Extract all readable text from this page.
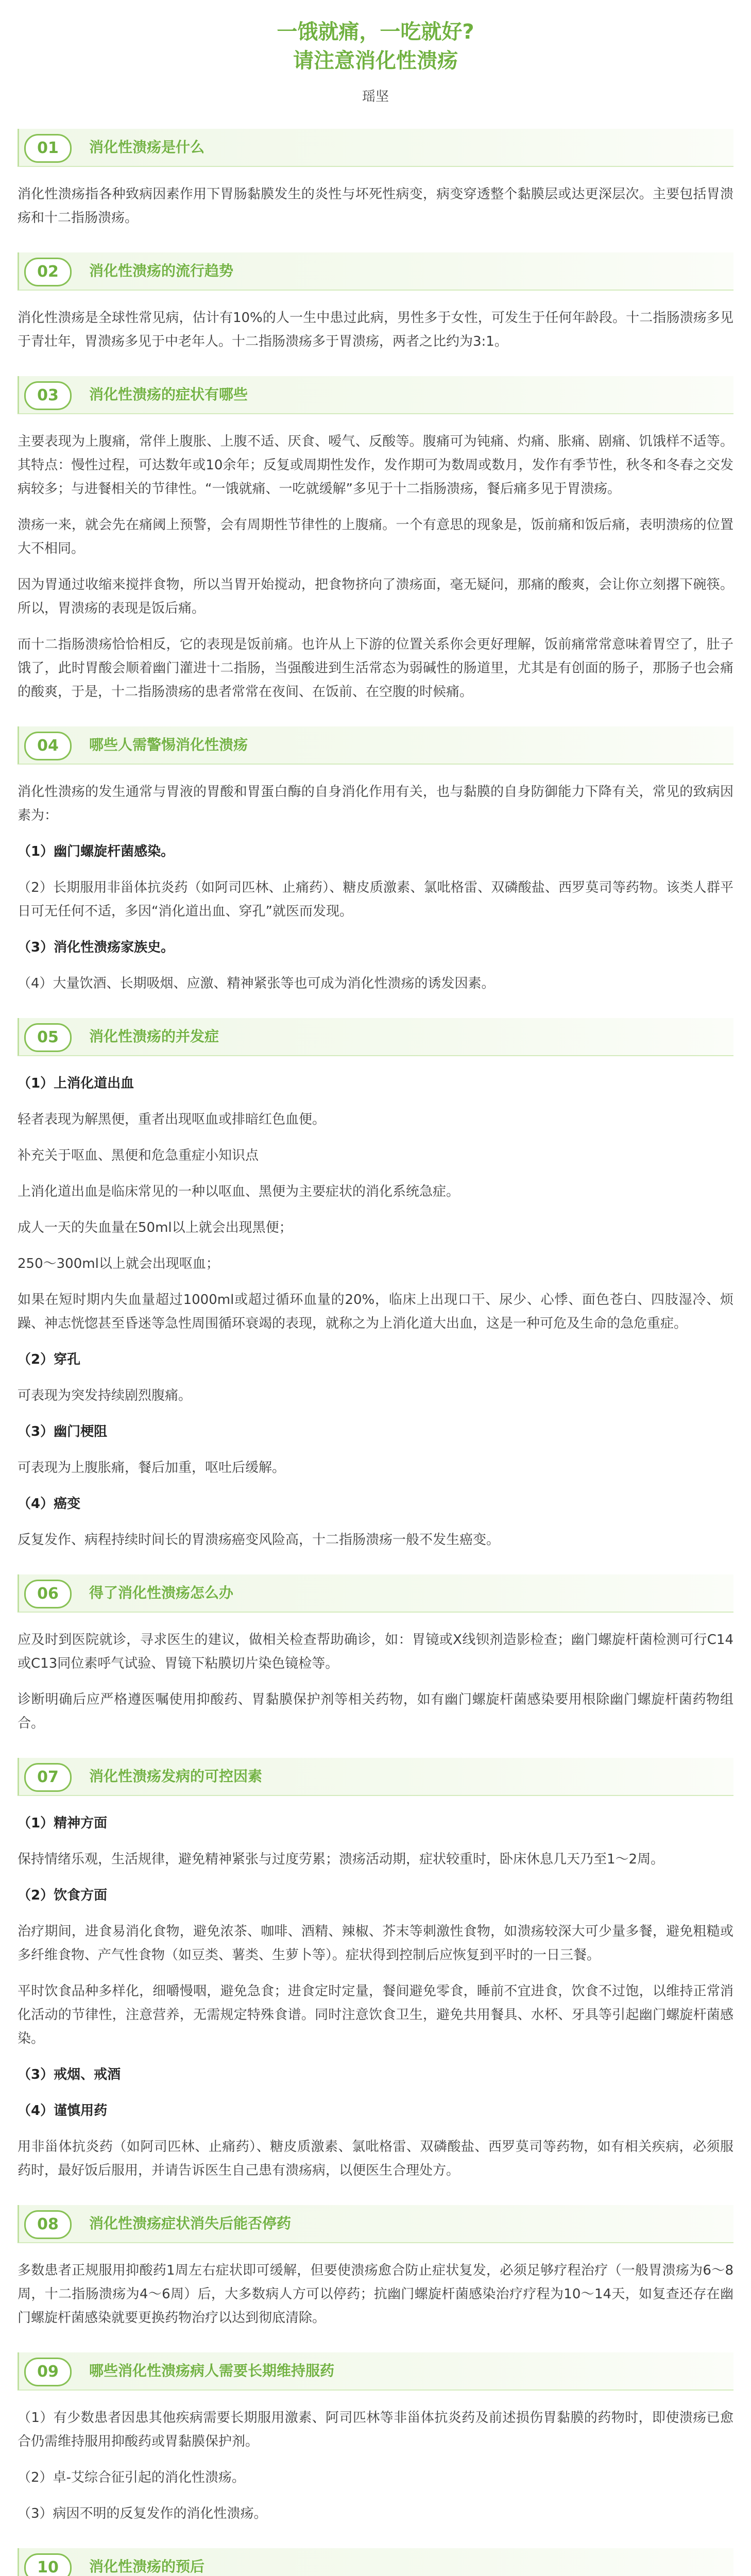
一饿就痛，一吃就好?
请注意消化性溃疡
瑶坚
01	消化性溃疡是什么

消化性溃疡指各种致病因素作用下胃肠黏膜发生的炎性与坏死性病变，病变穿透整个黏膜层或达更深层次。主要包括胃溃疡和十二指肠溃疡。

02	消化性溃疡的流行趋势

消化性溃疡是全球性常见病，估计有10%的人一生中患过此病，男性多于女性，可发生于任何年龄段。十二指肠溃疡多见于青壮年，胃溃疡多见于中老年人。十二指肠溃疡多于胃溃疡，两者之比约为3:1。

03	消化性溃疡的症状有哪些

主要表现为上腹痛，常伴上腹胀、上腹不适、厌食、嗳气、反酸等。腹痛可为钝痛、灼痛、胀痛、剧痛、饥饿样不适等。其特点：慢性过程，可达数年或10余年；反复或周期性发作，发作期可为数周或数月，发作有季节性，秋冬和冬春之交发病较多；与进餐相关的节律性。“一饿就痛、一吃就缓解”多见于十二指肠溃疡，餐后痛多见于胃溃疡。

溃疡一来，就会先在痛阈上预警，会有周期性节律性的上腹痛。一个有意思的现象是，饭前痛和饭后痛，表明溃疡的位置大不相同。

因为胃通过收缩来搅拌食物，所以当胃开始搅动，把食物挤向了溃疡面，毫无疑问，那痛的酸爽，会让你立刻撂下碗筷。所以，胃溃疡的表现是饭后痛。

而十二指肠溃疡恰恰相反，它的表现是饭前痛。也许从上下游的位置关系你会更好理解，饭前痛常常意味着胃空了，肚子饿了，此时胃酸会顺着幽门灌进十二指肠，当强酸进到生活常态为弱碱性的肠道里，尤其是有创面的肠子，那肠子也会痛的酸爽，于是，十二指肠溃疡的患者常常在夜间、在饭前、在空腹的时候痛。

04	哪些人需警惕消化性溃疡

消化性溃疡的发生通常与胃液的胃酸和胃蛋白酶的自身消化作用有关，也与黏膜的自身防御能力下降有关，常见的致病因素为：

（1）幽门螺旋杆菌感染。

（2）长期服用非甾体抗炎药（如阿司匹林、止痛药）、糖皮质激素、氯吡格雷、双磷酸盐、西罗莫司等药物。该类人群平日可无任何不适，多因“消化道出血、穿孔”就医而发现。

（3）消化性溃疡家族史。

（4）大量饮酒、长期吸烟、应激、精神紧张等也可成为消化性溃疡的诱发因素。

05	消化性溃疡的并发症

（1）上消化道出血

轻者表现为解黑便，重者出现呕血或排暗红色血便。

补充关于呕血、黑便和危急重症小知识点

上消化道出血是临床常见的一种以呕血、黑便为主要症状的消化系统急症。

成人一天的失血量在50ml以上就会出现黑便；

250～300ml以上就会出现呕血；

如果在短时期内失血量超过1000ml或超过循环血量的20%，临床上出现口干、尿少、心悸、面色苍白、四肢湿冷、烦躁、神志恍惚甚至昏迷等急性周围循环衰竭的表现，就称之为上消化道大出血，这是一种可危及生命的急危重症。

（2）穿孔

可表现为突发持续剧烈腹痛。

（3）幽门梗阻

可表现为上腹胀痛，餐后加重，呕吐后缓解。

（4）癌变

反复发作、病程持续时间长的胃溃疡癌变风险高，十二指肠溃疡一般不发生癌变。

06	得了消化性溃疡怎么办

应及时到医院就诊，寻求医生的建议，做相关检查帮助确诊，如：胃镜或X线钡剂造影检查；幽门螺旋杆菌检测可行C14或C13同位素呼气试验、胃镜下粘膜切片染色镜检等。

诊断明确后应严格遵医嘱使用抑酸药、胃黏膜保护剂等相关药物，如有幽门螺旋杆菌感染要用根除幽门螺旋杆菌药物组合。

07	消化性溃疡发病的可控因素

（1）精神方面

保持情绪乐观，生活规律，避免精神紧张与过度劳累；溃疡活动期，症状较重时，卧床休息几天乃至1～2周。

（2）饮食方面

治疗期间，进食易消化食物，避免浓茶、咖啡、酒精、辣椒、芥末等刺激性食物，如溃疡较深大可少量多餐，避免粗糙或多纤维食物、产气性食物（如豆类、薯类、生萝卜等）。症状得到控制后应恢复到平时的一日三餐。

平时饮食品种多样化，细嚼慢咽，避免急食；进食定时定量，餐间避免零食，睡前不宜进食，饮食不过饱，以维持正常消化活动的节律性，注意营养，无需规定特殊食谱。同时注意饮食卫生，避免共用餐具、水杯、牙具等引起幽门螺旋杆菌感染。

（3）戒烟、戒酒

（4）谨慎用药

用非甾体抗炎药（如阿司匹林、止痛药）、糖皮质激素、氯吡格雷、双磷酸盐、西罗莫司等药物，如有相关疾病，必须服药时，最好饭后服用，并请告诉医生自己患有溃疡病，以便医生合理处方。

08	消化性溃疡症状消失后能否停药

多数患者正规服用抑酸药1周左右症状即可缓解，但要使溃疡愈合防止症状复发，必须足够疗程治疗（一般胃溃疡为6～8周，十二指肠溃疡为4～6周）后，大多数病人方可以停药；抗幽门螺旋杆菌感染治疗疗程为10～14天，如复查还存在幽门螺旋杆菌感染就要更换药物治疗以达到彻底清除。

09	哪些消化性溃疡病人需要长期维持服药

（1）有少数患者因患其他疾病需要长期服用激素、阿司匹林等非甾体抗炎药及前述损伤胃黏膜的药物时，即使溃疡已愈合仍需维持服用抑酸药或胃黏膜保护剂。

（2）卓-艾综合征引起的消化性溃疡。

（3）病因不明的反复发作的消化性溃疡。

10	消化性溃疡的预后
